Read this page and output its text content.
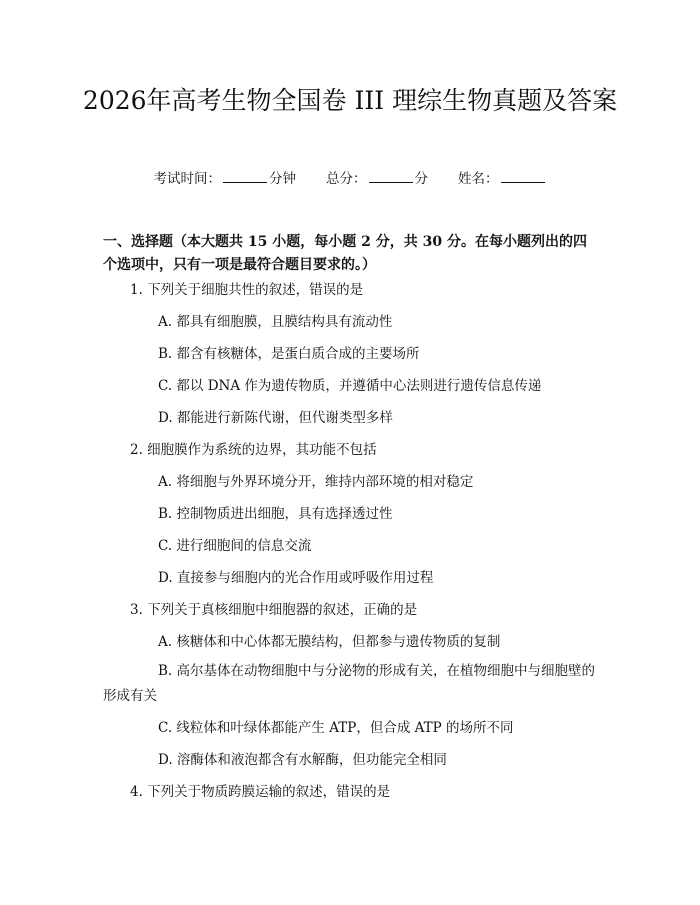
2026年高考生物全国卷 III 理综生物真题及答案
考试时间：	分钟 总分：	分 姓名：
一、选择题（本大题共 15 小题，每小题 2 分，共 30 分。在每小题列出的四个选项中，只有一项是最符合题目要求的。）
1. 下列关于细胞共性的叙述，错误的是
A. 都具有细胞膜，且膜结构具有流动性
B. 都含有核糖体，是蛋白质合成的主要场所
C. 都以 DNA 作为遗传物质，并遵循中心法则进行遗传信息传递
D. 都能进行新陈代谢，但代谢类型多样
2. 细胞膜作为系统的边界，其功能不包括
A. 将细胞与外界环境分开，维持内部环境的相对稳定
B. 控制物质进出细胞，具有选择透过性
C. 进行细胞间的信息交流
D. 直接参与细胞内的光合作用或呼吸作用过程
3. 下列关于真核细胞中细胞器的叙述，正确的是
A. 核糖体和中心体都无膜结构，但都参与遗传物质的复制
B. 高尔基体在动物细胞中与分泌物的形成有关，在植物细胞中与细胞壁的形成有关
C. 线粒体和叶绿体都能产生 ATP，但合成 ATP 的场所不同
D. 溶酶体和液泡都含有水解酶，但功能完全相同
4. 下列关于物质跨膜运输的叙述，错误的是
